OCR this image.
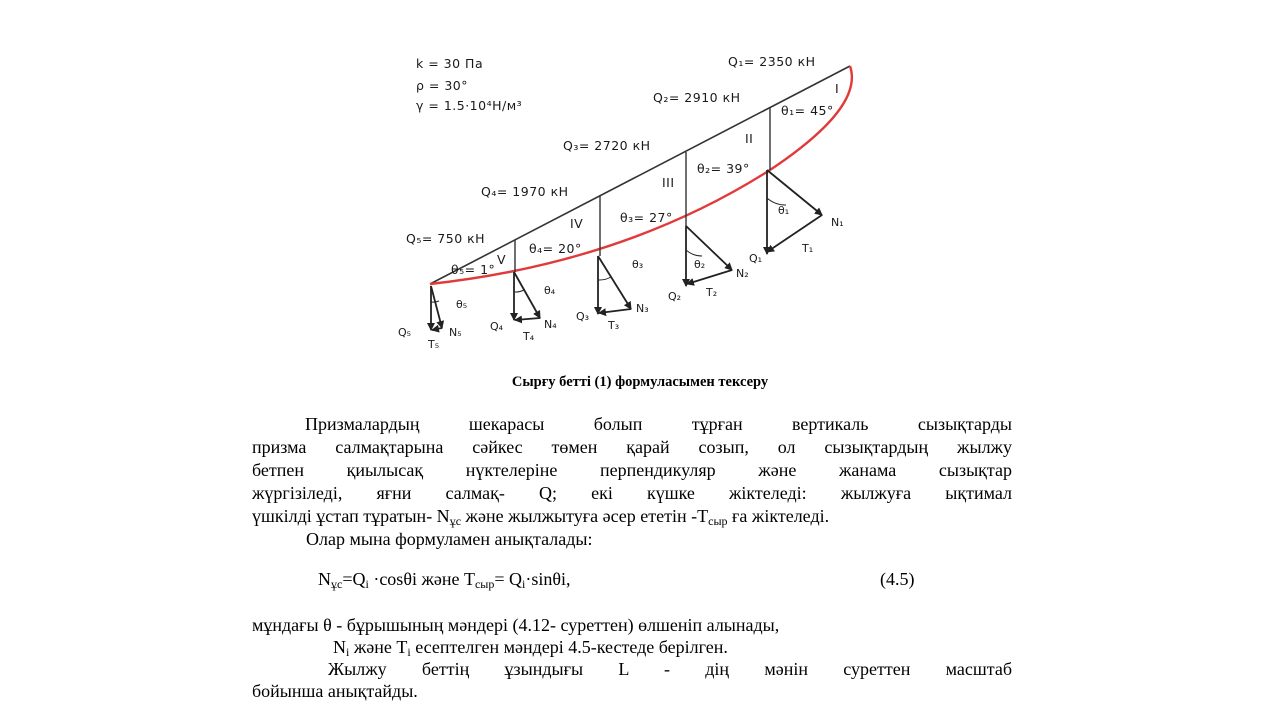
k = 30 Па
ρ = 30°
γ = 1.5·10⁴Н/м³
Q₁= 2350 кН
Q₂= 2910 кН
Q₃= 2720 кН
Q₄= 1970 кН
Q₅= 750 кН
I
II
III
IV
V
θ₁= 45°
θ₂= 39°
θ₃= 27°
θ₄= 20°
θ₅= 1°
θ₁
N₁
Q₁
T₁
θ₂
N₂
Q₂ T₂
θ₃
N₃
Q₃
T₃
θ₄
N₄
Q₄
T₄
θ₅
N₅
Q₅
T₅
Сырғу бетті (1) формуласымен тексеру
Призмалардың шекарасы болып тұрған вертикаль сызықтарды
призма салмақтарына сәйкес төмен қарай созып, ол сызықтардың жылжу
бетпен қиылысақ нүктелеріне перпендикуляр және жанама сызықтар
жүргізіледі, яғни салмақ- Q; екі күшке жіктеледі: жылжуға ықтимал
үшкілді ұстап тұратын- $N_{ұс}$ және жылжытуға әсер ететін $-T_{сыр}$ ға жіктеледі.
Олар мына формуламен анықталады:
$N_{ұс}=Q_i \cdot\cos\theta i$ және $T_{сыр}= Q_i\cdot\sin\theta i$,	(4.5)
мұндағы θ - бұрышының мәндері (4.12- суреттен) өлшеніп алынады,
$N_i$ және $T_i$ есептелген мәндері 4.5-кестеде берілген.
Жылжу беттің ұзындығы L - дің мәнін суреттен масштаб
бойынша анықтайды.
